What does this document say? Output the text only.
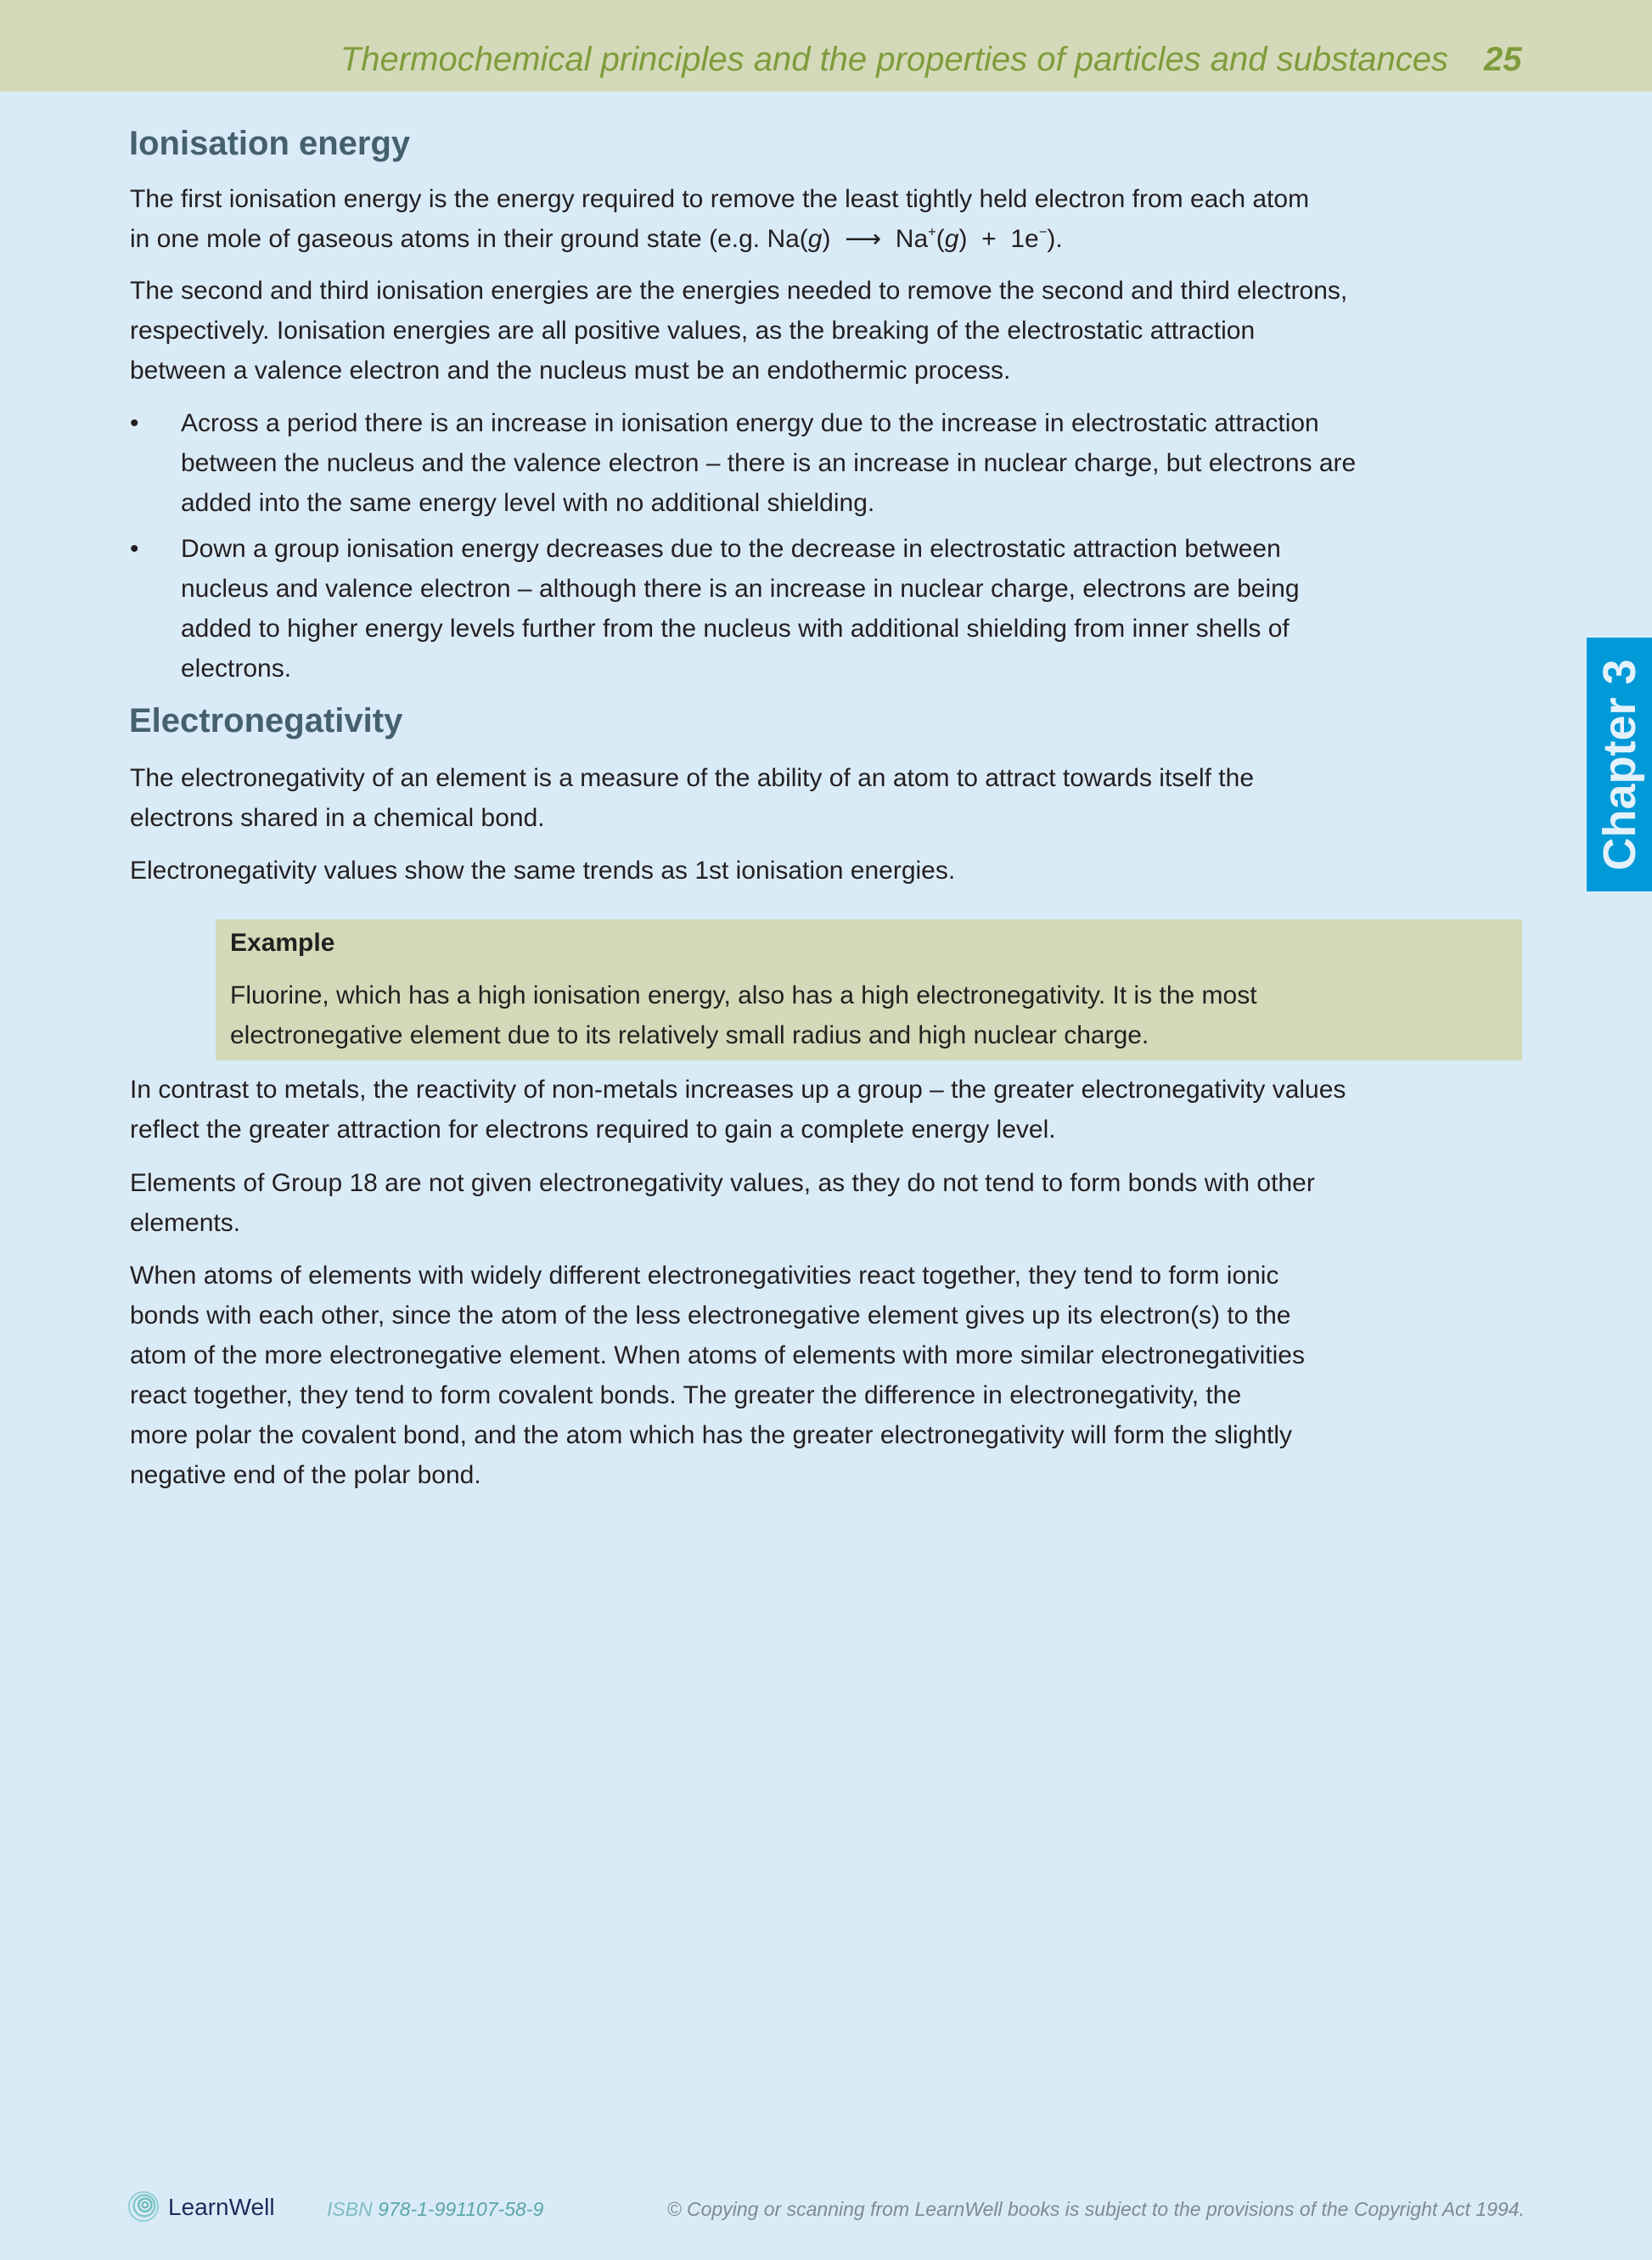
Thermochemical principles and the properties of particles and substances 25
Chapter 3
Ionisation energy
The first ionisation energy is the energy required to remove the least tightly held electron from each atom
in one mole of gaseous atoms in their ground state (e.g. Na(g)  ⟶  Na+(g)  +  1e−).
The second and third ionisation energies are the energies needed to remove the second and third electrons,
respectively. Ionisation energies are all positive values, as the breaking of the electrostatic attraction
between a valence electron and the nucleus must be an endothermic process.
•	Across a period there is an increase in ionisation energy due to the increase in electrostatic attraction
between the nucleus and the valence electron – there is an increase in nuclear charge, but electrons are
added into the same energy level with no additional shielding.
•	Down a group ionisation energy decreases due to the decrease in electrostatic attraction between
nucleus and valence electron – although there is an increase in nuclear charge, electrons are being
added to higher energy levels further from the nucleus with additional shielding from inner shells of
electrons.
Electronegativity
The electronegativity of an element is a measure of the ability of an atom to attract towards itself the
electrons shared in a chemical bond.
Electronegativity values show the same trends as 1st ionisation energies.
Example
Fluorine, which has a high ionisation energy, also has a high electronegativity. It is the most
electronegative element due to its relatively small radius and high nuclear charge.
In contrast to metals, the reactivity of non-metals increases up a group – the greater electronegativity values
reflect the greater attraction for electrons required to gain a complete energy level.
Elements of Group 18 are not given electronegativity values, as they do not tend to form bonds with other
elements.
When atoms of elements with widely different electronegativities react together, they tend to form ionic
bonds with each other, since the atom of the less electronegative element gives up its electron(s) to the
atom of the more electronegative element. When atoms of elements with more similar electronegativities
react together, they tend to form covalent bonds. The greater the difference in electronegativity, the
more polar the covalent bond, and the atom which has the greater electronegativity will form the slightly
negative end of the polar bond.
LearnWell	ISBN 978-1-991107-58-9	© Copying or scanning from LearnWell books is subject to the provisions of the Copyright Act 1994.
